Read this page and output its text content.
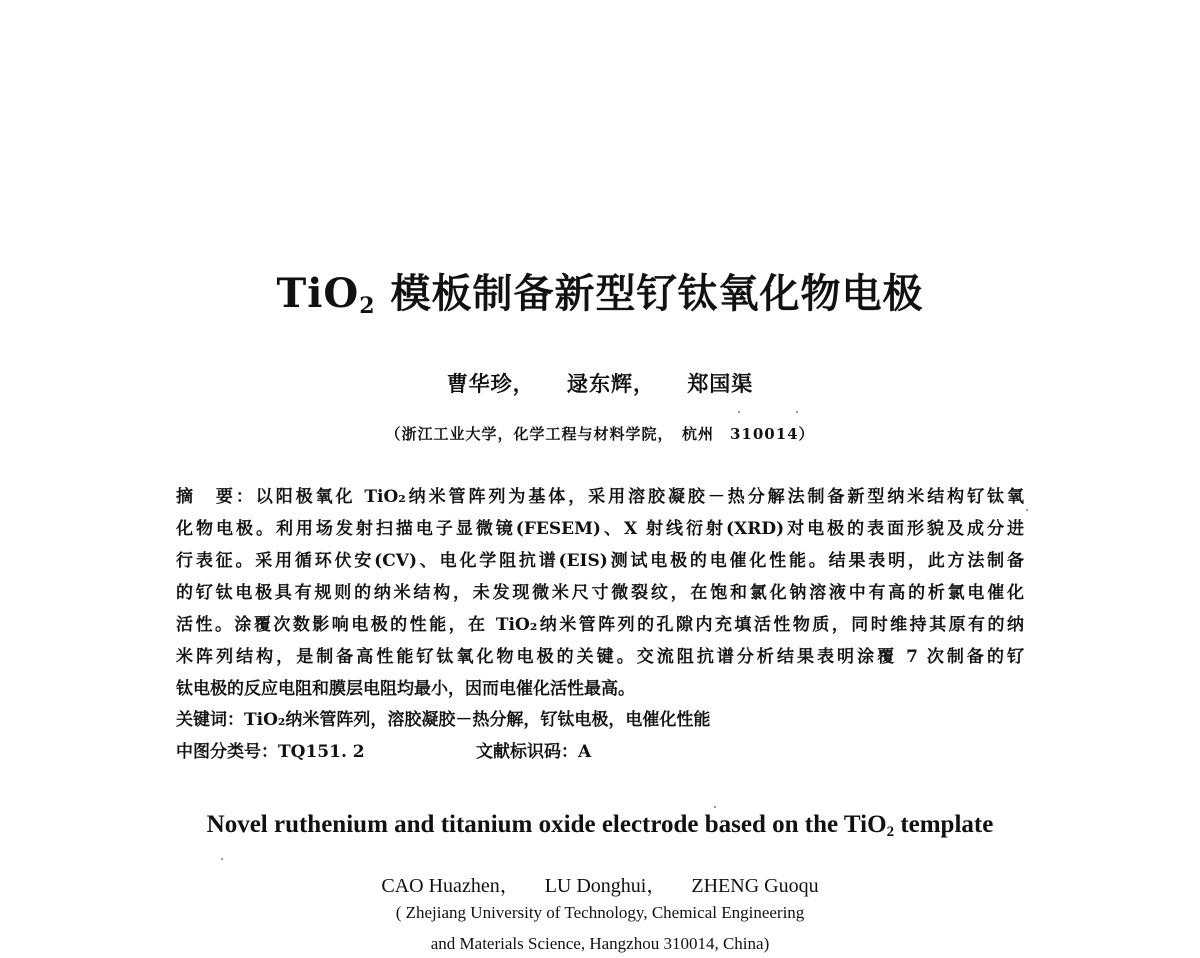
TiO$_2$ 模板制备新型钌钛氧化物电极
曹华珍， 逯东辉， 郑国渠
（浙江工业大学，化学工程与材料学院，　杭州　310014）
摘　要：以阳极氧化 TiO₂纳米管阵列为基体，采用溶胶凝胶－热分解法制备新型纳米结构钌钛氧
化物电极。利用场发射扫描电子显微镜(FESEM)、X 射线衍射(XRD)对电极的表面形貌及成分进
行表征。采用循环伏安(CV)、电化学阻抗谱(EIS)测试电极的电催化性能。结果表明，此方法制备
的钌钛电极具有规则的纳米结构，未发现微米尺寸微裂纹，在饱和氯化钠溶液中有高的析氯电催化
活性。涂覆次数影响电极的性能，在 TiO₂纳米管阵列的孔隙内充填活性物质，同时维持其原有的纳
米阵列结构，是制备高性能钌钛氧化物电极的关键。交流阻抗谱分析结果表明涂覆 7 次制备的钌
钛电极的反应电阻和膜层电阻均最小，因而电催化活性最高。
关键词：TiO₂纳米管阵列，溶胶凝胶－热分解，钌钛电极，电催化性能
中图分类号：TQ151. 2	文献标识码：A
Novel ruthenium and titanium oxide electrode based on the TiO$_2$ template
CAO Huazhen， LU Donghui， ZHENG Guoqu
( Zhejiang University of Technology, Chemical Engineering
and Materials Science, Hangzhou 310014, China)
